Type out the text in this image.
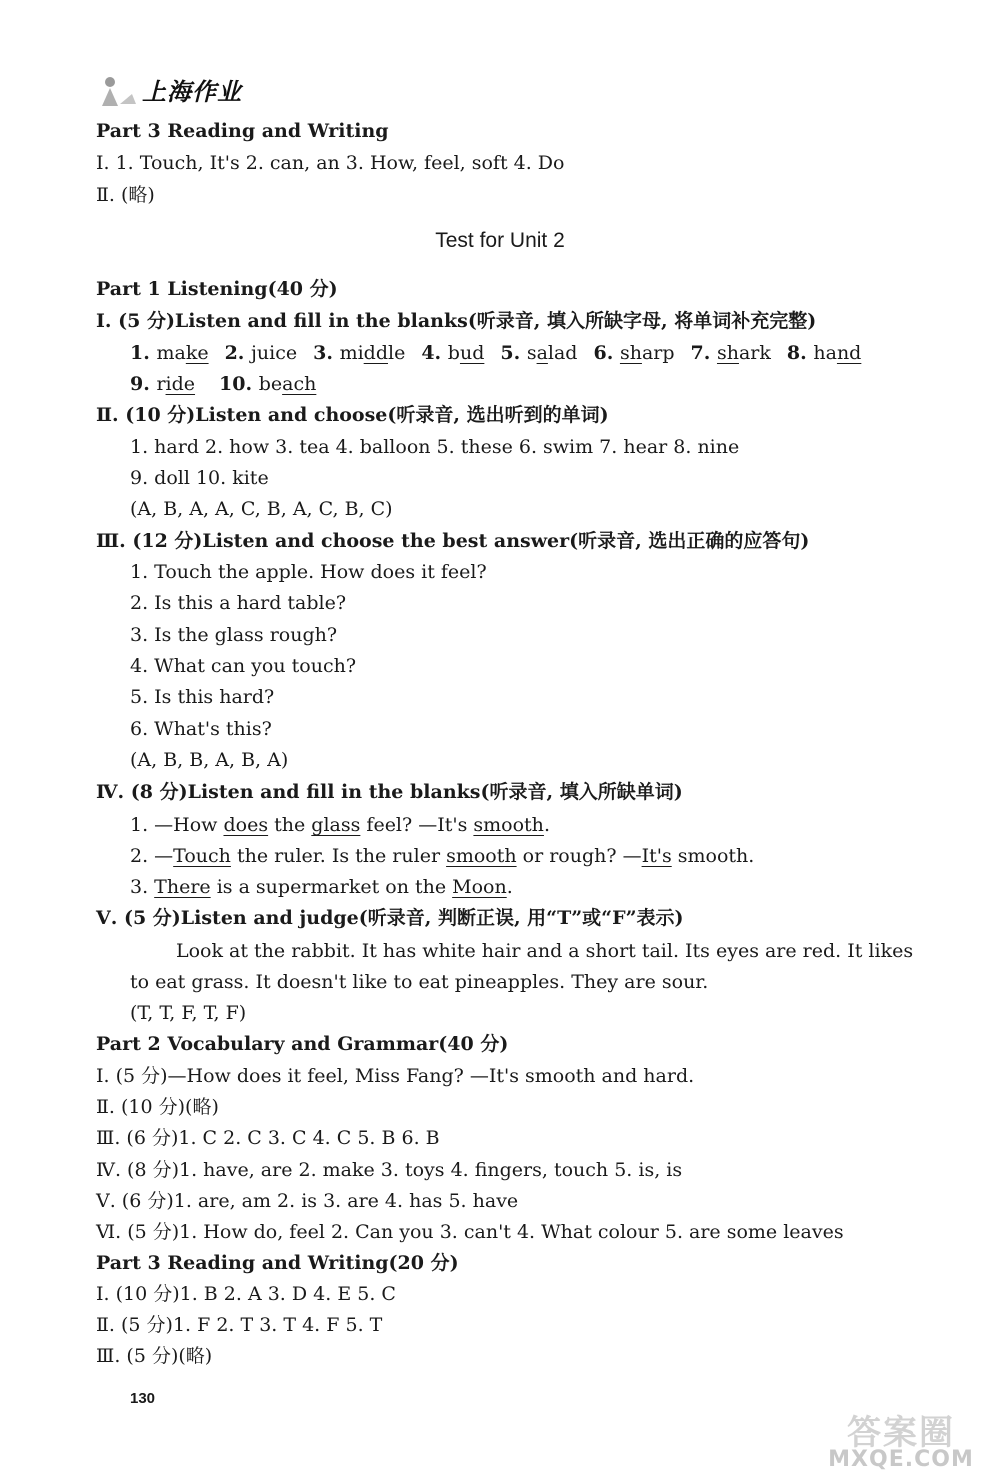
上海作业
Part 3 Reading and Writing
Ⅰ. 1. Touch, It's 2. can, an 3. How, feel, soft 4. Do
Ⅱ. (略)
Test for Unit 2
Part 1 Listening(40 分)
Ⅰ. (5 分)Listen and fill in the blanks(听录音, 填入所缺字母, 将单词补充完整)
1. make 2. juice 3. middle 4. bud 5. salad 6. sharp 7. shark 8. hand
9. ride 10. beach
Ⅱ. (10 分)Listen and choose(听录音, 选出听到的单词)
1. hard 2. how 3. tea 4. balloon 5. these 6. swim 7. hear 8. nine
9. doll 10. kite
(A, B, A, A, C, B, A, C, B, C)
Ⅲ. (12 分)Listen and choose the best answer(听录音, 选出正确的应答句)
1. Touch the apple. How does it feel?
2. Is this a hard table?
3. Is the glass rough?
4. What can you touch?
5. Is this hard?
6. What's this?
(A, B, B, A, B, A)
Ⅳ. (8 分)Listen and fill in the blanks(听录音, 填入所缺单词)
1. —How does the glass feel? —It's smooth.
2. —Touch the ruler. Is the ruler smooth or rough? —It's smooth.
3. There is a supermarket on the Moon.
Ⅴ. (5 分)Listen and judge(听录音, 判断正误, 用“T”或“F”表示)
Look at the rabbit. It has white hair and a short tail. Its eyes are red. It likes
to eat grass. It doesn't like to eat pineapples. They are sour.
(T, T, F, T, F)
Part 2 Vocabulary and Grammar(40 分)
Ⅰ. (5 分)—How does it feel, Miss Fang? —It's smooth and hard.
Ⅱ. (10 分)(略)
Ⅲ. (6 分)1. C 2. C 3. C 4. C 5. B 6. B
Ⅳ. (8 分)1. have, are 2. make 3. toys 4. fingers, touch 5. is, is
Ⅴ. (6 分)1. are, am 2. is 3. are 4. has 5. have
Ⅵ. (5 分)1. How do, feel 2. Can you 3. can't 4. What colour 5. are some leaves
Part 3 Reading and Writing(20 分)
Ⅰ. (10 分)1. B 2. A 3. D 4. E 5. C
Ⅱ. (5 分)1. F 2. T 3. T 4. F 5. T
Ⅲ. (5 分)(略)
130
答案圈
MXQE.COM
